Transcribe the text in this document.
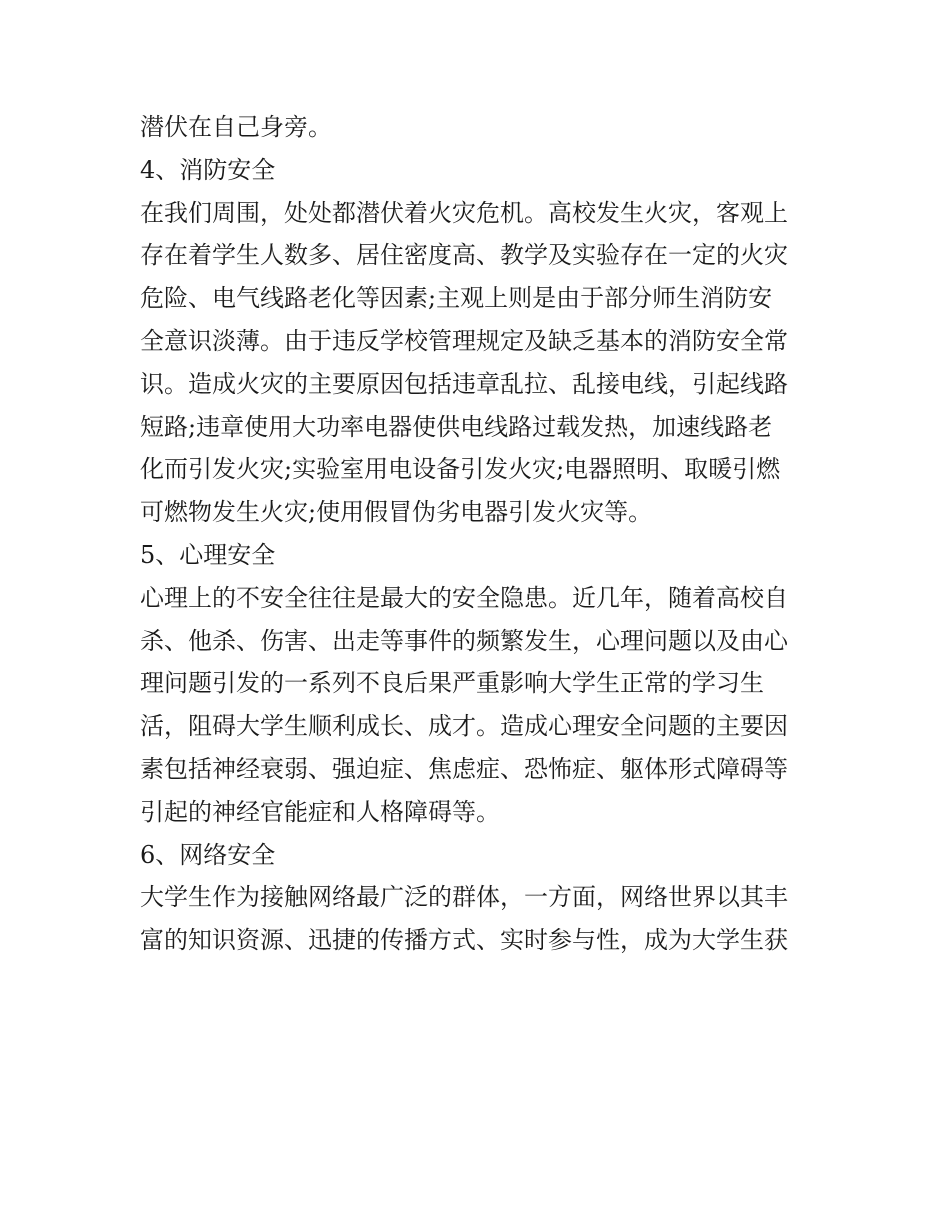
潜伏在自己身旁。

4、消防安全

在我们周围，处处都潜伏着火灾危机。高校发生火灾，客观上

存在着学生人数多、居住密度高、教学及实验存在一定的火灾

危险、电气线路老化等因素;主观上则是由于部分师生消防安

全意识淡薄。由于违反学校管理规定及缺乏基本的消防安全常

识。造成火灾的主要原因包括违章乱拉、乱接电线，引起线路

短路;违章使用大功率电器使供电线路过载发热，加速线路老

化而引发火灾;实验室用电设备引发火灾;电器照明、取暖引燃

可燃物发生火灾;使用假冒伪劣电器引发火灾等。

5、心理安全

心理上的不安全往往是最大的安全隐患。近几年，随着高校自

杀、他杀、伤害、出走等事件的频繁发生，心理问题以及由心

理问题引发的一系列不良后果严重影响大学生正常的学习生

活，阻碍大学生顺利成长、成才。造成心理安全问题的主要因

素包括神经衰弱、强迫症、焦虑症、恐怖症、躯体形式障碍等

引起的神经官能症和人格障碍等。

6、网络安全

大学生作为接触网络最广泛的群体，一方面，网络世界以其丰

富的知识资源、迅捷的传播方式、实时参与性，成为大学生获
